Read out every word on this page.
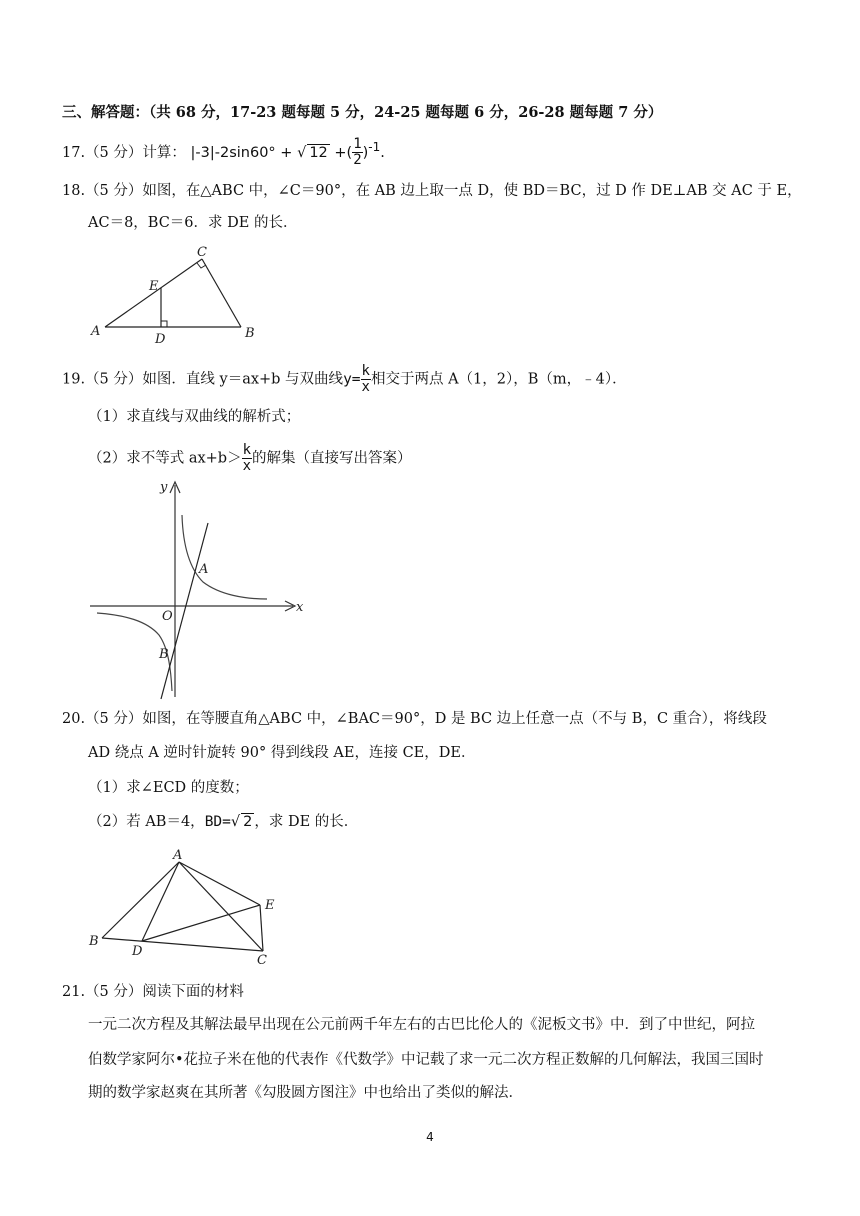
三、解答题：（共 68 分，17-23 题每题 5 分，24-25 题每题 6 分，26-28 题每题 7 分）
17.（5 分）计算： |-3|-2sin60° + √ 12 +( $\frac{1}{2} )^{-1}$.
18.（5 分）如图，在△ABC 中，∠C＝90°，在 AB 边上取一点 D，使 BD＝BC，过 D 作 DE⊥AB 交 AC 于 E，
AC＝8，BC＝6．求 DE 的长．
A	B
C
D
E
19.（5 分）如图．直线 y＝ax+b 与双曲线$y= \frac{k}{x}$ 相交于两点 A（1，2），B（m，﹣4）．
（1）求直线与双曲线的解析式；
（2）求不等式 $ax+b> \frac{k}{x}$ 的解集（直接写出答案）
y
x
O
A
B
20.（5 分）如图，在等腰直角△ABC 中，∠BAC＝90°，D 是 BC 边上任意一点（不与 B，C 重合），将线段
AD 绕点 A 逆时针旋转 90° 得到线段 AE，连接 CE，DE．
（1）求∠ECD 的度数；
（2）若 AB＝4，BD=√ 2 ，求 DE 的长．
A
B
C
D
E
21.（5 分）阅读下面的材料
一元二次方程及其解法最早出现在公元前两千年左右的古巴比伦人的《泥板文书》中．到了中世纪，阿拉
伯数学家阿尔•花拉子米在他的代表作《代数学》中记载了求一元二次方程正数解的几何解法，我国三国时
期的数学家赵爽在其所著《勾股圆方图注》中也给出了类似的解法．
4
